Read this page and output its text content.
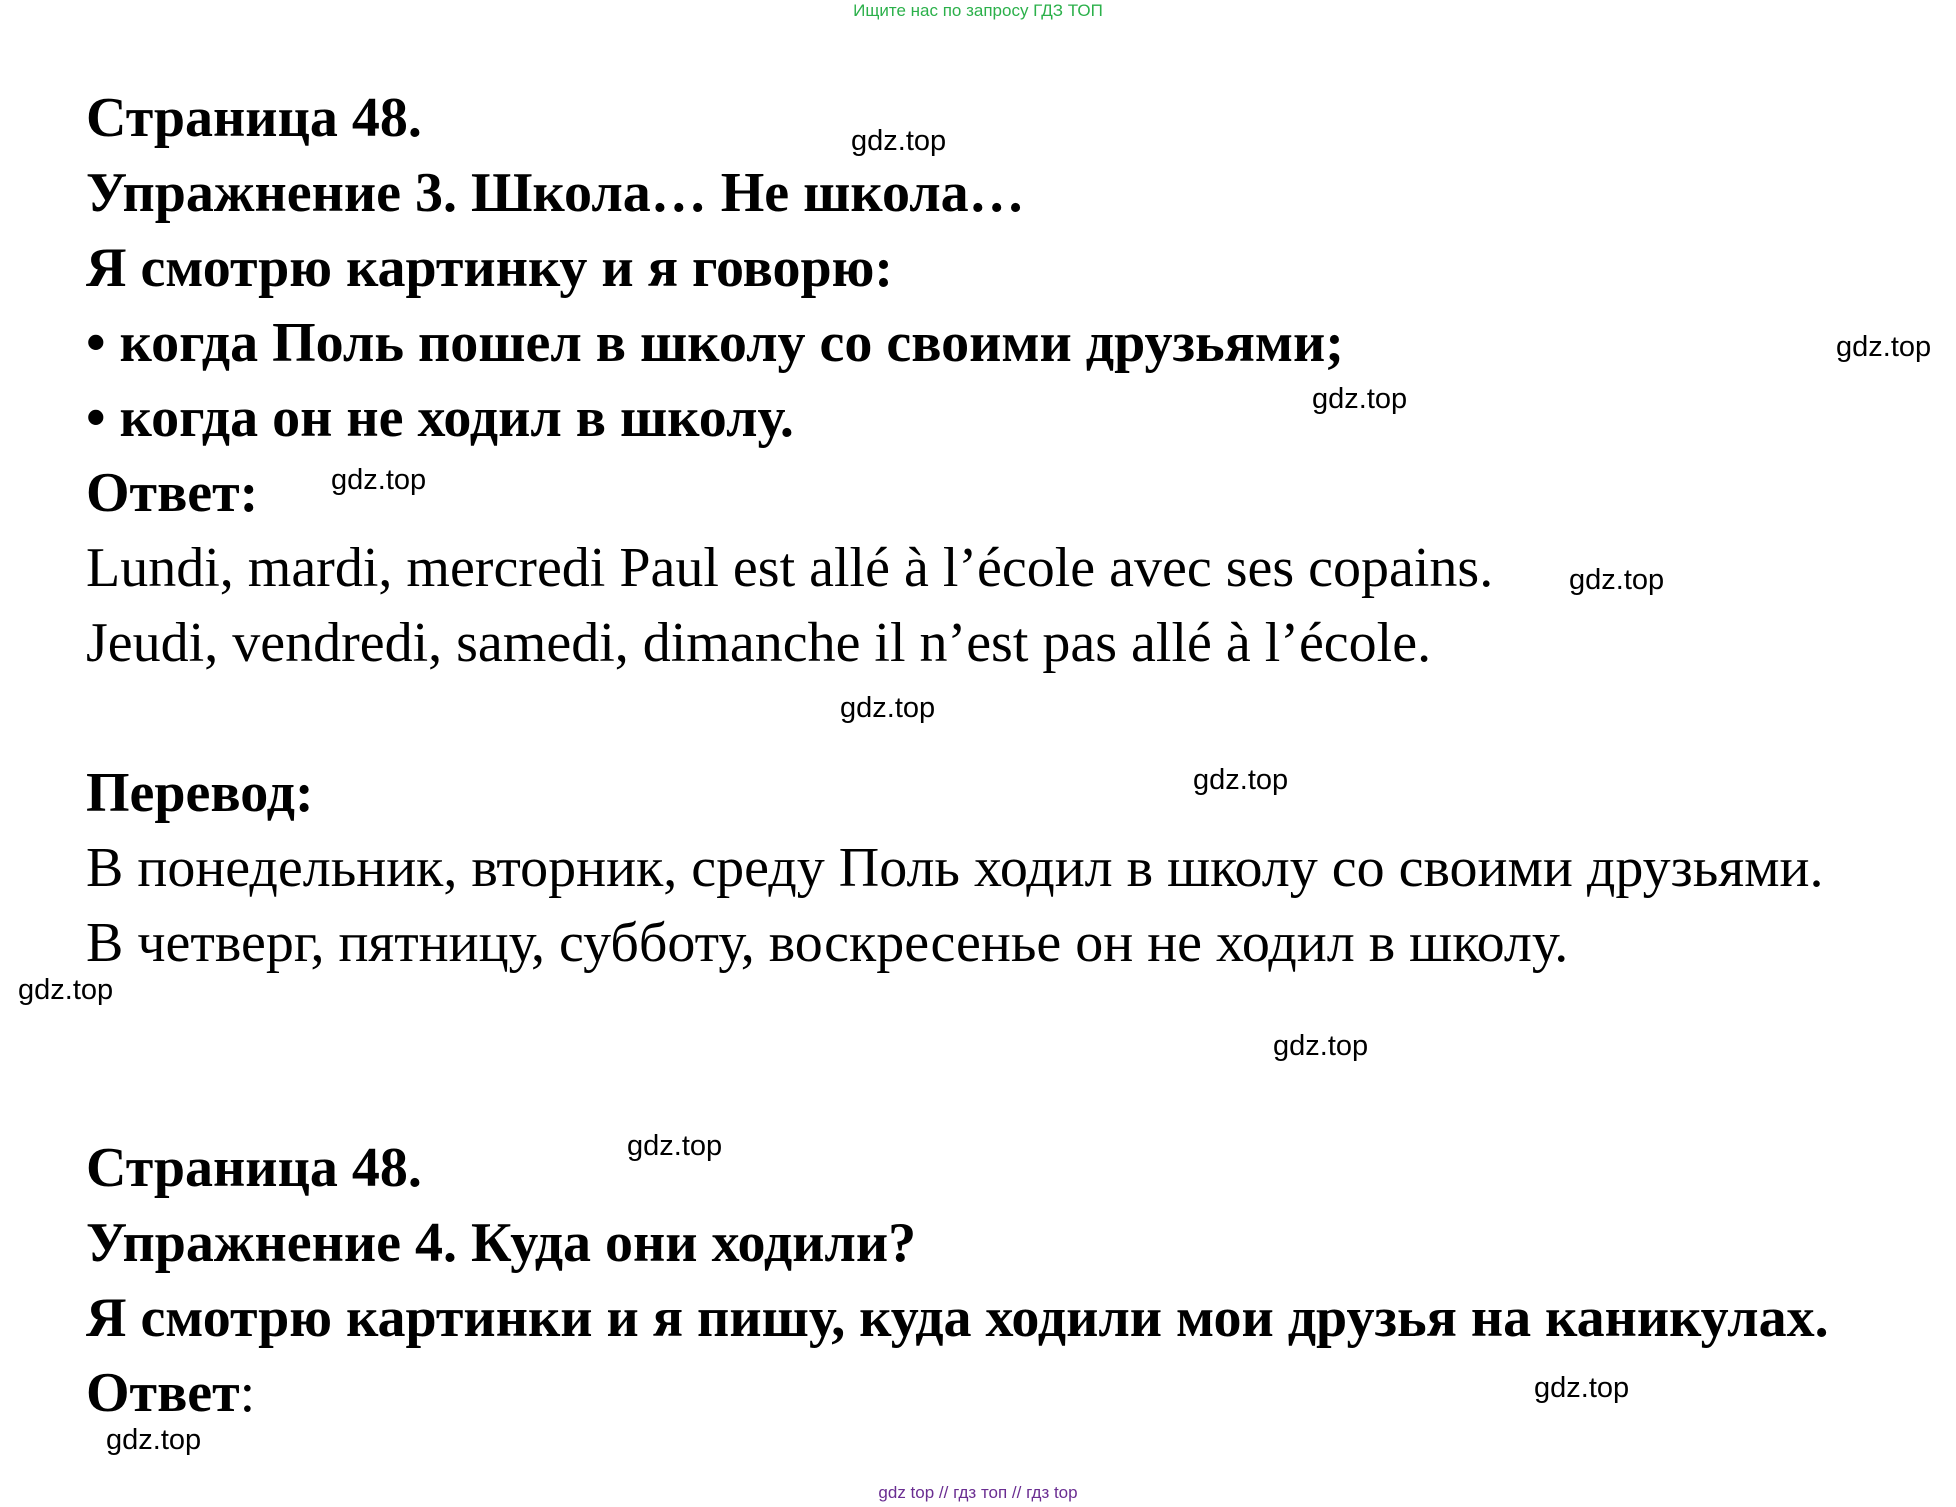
Ищите нас по запросу ГДЗ ТОП
Страница 48.
Упражнение 3. Школа… Не школа…
Я смотрю картинку и я говорю:
• когда Поль пошел в школу со своими друзьями;
• когда он не ходил в школу.
Ответ:
Lundi, mardi, mercredi Paul est allé à l’école avec ses copains.
Jeudi, vendredi, samedi, dimanche il n’est pas allé à l’école.
Перевод:
В понедельник, вторник, среду Поль ходил в школу со своими друзьями.
В четверг, пятницу, субботу, воскресенье он не ходил в школу.
Страница 48.
Упражнение 4. Куда они ходили?
Я смотрю картинки и я пишу, куда ходили мои друзья на каникулах.
Ответ:
gdz.top
gdz.top
gdz.top
gdz.top
gdz.top
gdz.top
gdz.top
gdz.top
gdz.top
gdz.top
gdz.top
gdz.top
gdz top // гдз топ // гдз top
